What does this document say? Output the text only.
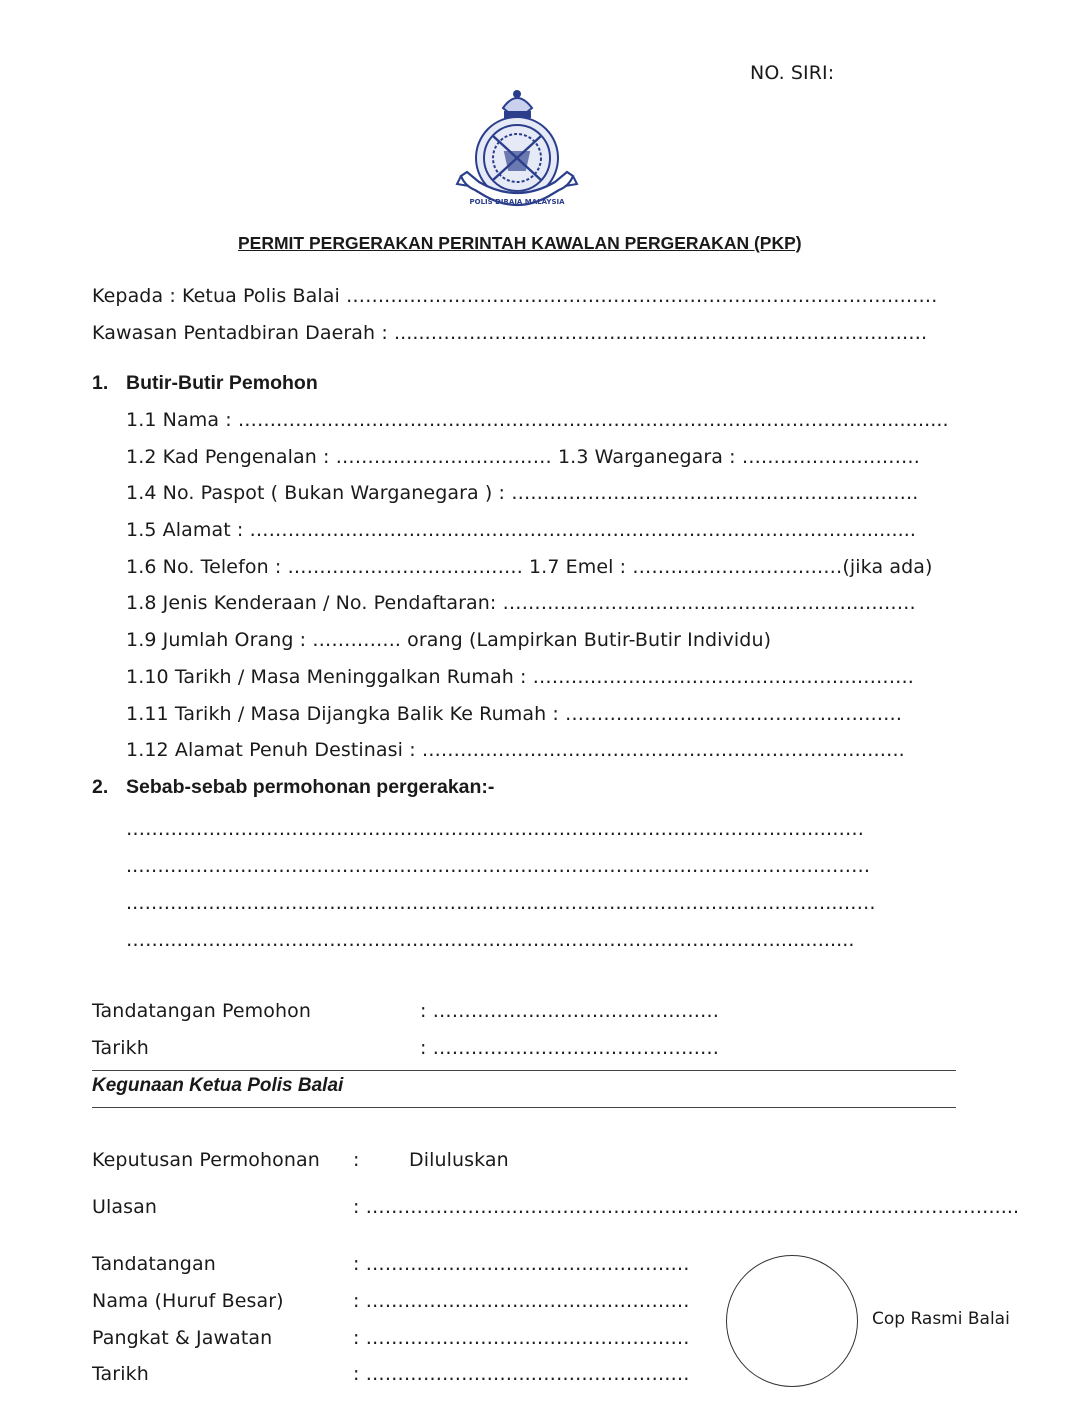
NO. SIRI:
POLIS DIRAJA MALAYSIA
PERMIT PERGERAKAN PERINTAH KAWALAN PERGERAKAN (PKP)
Kepada : Ketua Polis Balai …….……………………………………………………………………….….
Kawasan Pentadbiran Daerah : ......……………………………………………………………………
1. Butir-Butir Pemohon
1.1 Nama : …………………………………………………………………………………………..........
1.2 Kad Pengenalan : ……………………….…… 1.3 Warganegara : ……………………….
1.4 No. Paspot ( Bukan Warganegara ) : ……………………………………………………….
1.5 Alamat : …………………………………………………………………………………….........
1.6 No. Telefon : ………………………………. 1.7 Emel : ……………………………(jika ada)
1.8 Jenis Kenderaan / No. Pendaftaran: …………………………….……….…………………
1.9 Jumlah Orang : ………….. orang (Lampirkan Butir-Butir Individu)
1.10 Tarikh / Masa Meninggalkan Rumah : …………………………………………..……….
1.11 Tarikh / Masa Dijangka Balik Ke Rumah : ………………………………………….….
1.12 Alamat Penuh Destinasi : ……….…………………………………………………….…..
2. Sebab-sebab permohonan pergerakan:-
……………………………………………………….……………………………………….……
..…………………………………………………………………………….………………………
..………………………………………..……………………………………………………...……
……..…………………………………………………………………………………..............
Tandatangan Pemohon	: ………………………………………
Tarikh	: ………………………………………
Kegunaan Ketua Polis Balai
Keputusan Permohonan :	Diluluskan
Ulasan	: …………………...…………………………………………………..…………….....
Tandatangan	: ……………………...……………………
Nama (Huruf Besar)	: ……………………...……………………
Pangkat & Jawatan	: ……………………...……………………
Tarikh	: ……………………...……………………
Cop Rasmi Balai
